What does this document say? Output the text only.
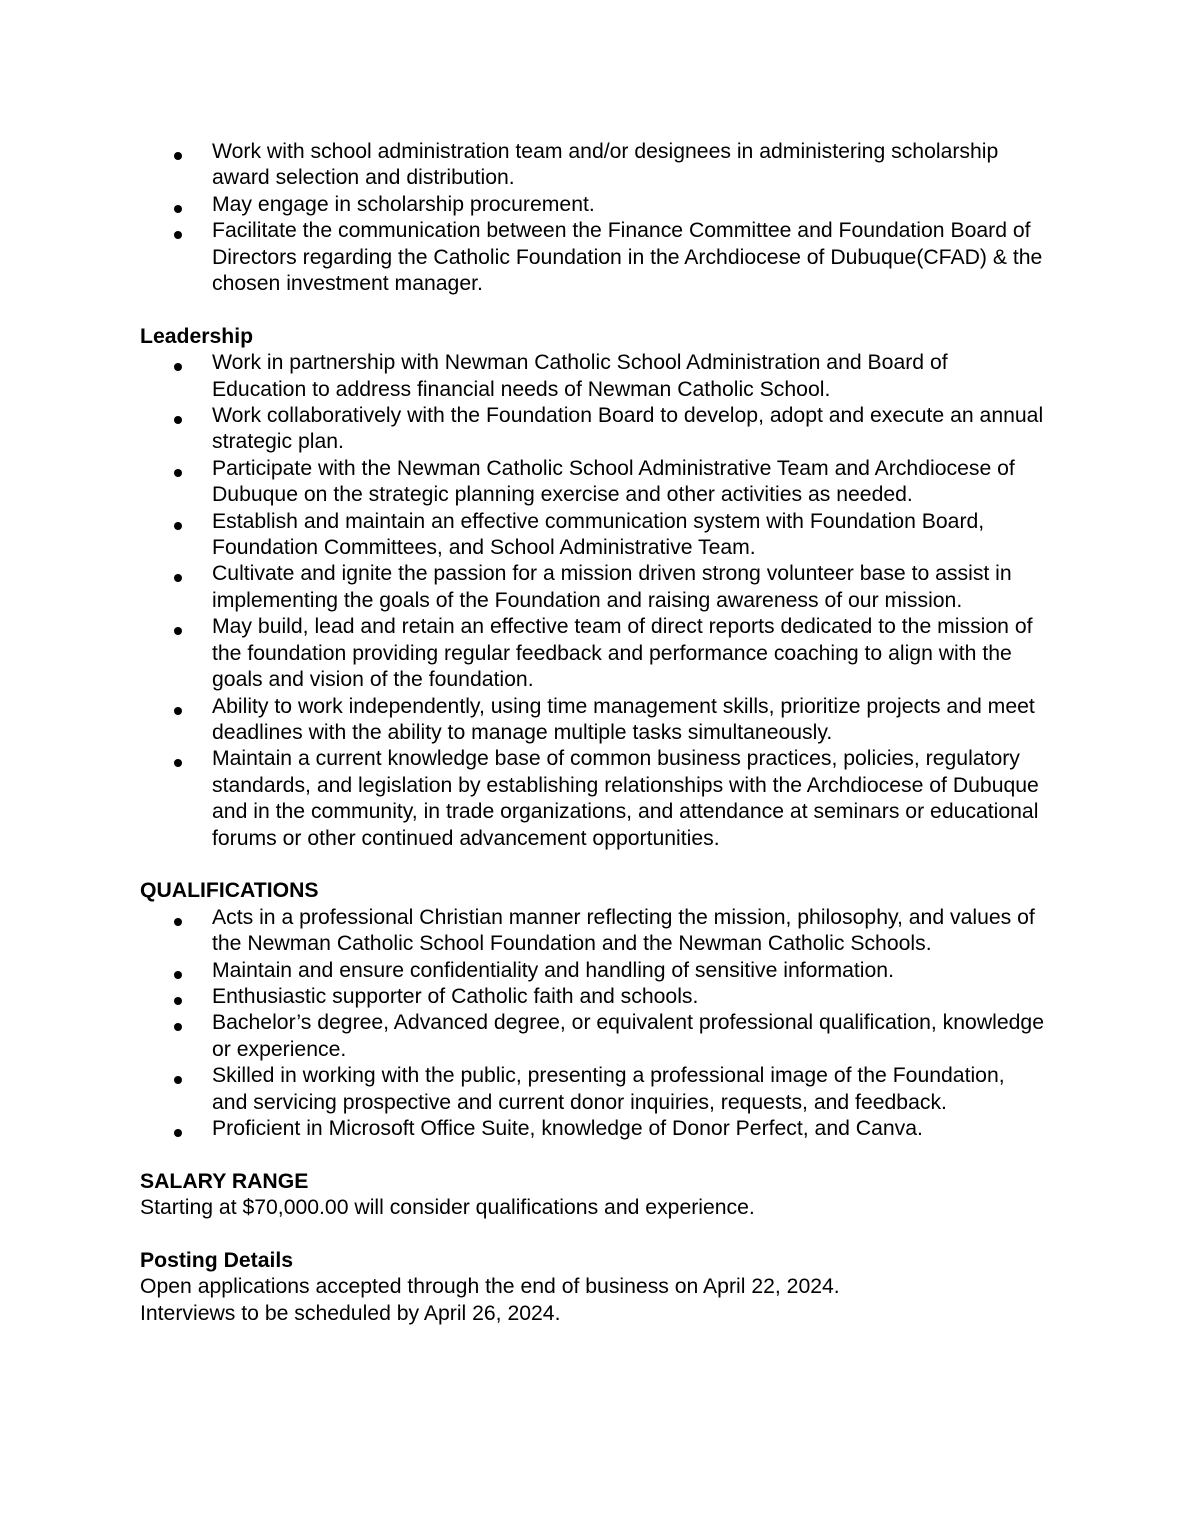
Work with school administration team and/or designees in administering scholarship award selection and distribution.
May engage in scholarship procurement.
Facilitate the communication between the Finance Committee and Foundation Board of Directors regarding the Catholic Foundation in the Archdiocese of Dubuque(CFAD) & the chosen investment manager.
Leadership
Work in partnership with Newman Catholic School Administration and Board of Education to address financial needs of Newman Catholic School.
Work collaboratively with the Foundation Board to develop, adopt and execute an annual strategic plan.
Participate with the Newman Catholic School Administrative Team and Archdiocese of Dubuque on the strategic planning exercise and other activities as needed.
Establish and maintain an effective communication system with Foundation Board, Foundation Committees, and School Administrative Team.
Cultivate and ignite the passion for a mission driven strong volunteer base to assist in implementing the goals of the Foundation and raising awareness of our mission.
May build, lead and retain an effective team of direct reports dedicated to the mission of the foundation providing regular feedback and performance coaching to align with the goals and vision of the foundation.
Ability to work independently, using time management skills, prioritize projects and meet deadlines with the ability to manage multiple tasks simultaneously.
Maintain a current knowledge base of common business practices, policies, regulatory standards, and legislation by establishing relationships with the Archdiocese of Dubuque and in the community, in trade organizations, and attendance at seminars or educational forums or other continued advancement opportunities.
QUALIFICATIONS
Acts in a professional Christian manner reflecting the mission, philosophy, and values of the Newman Catholic School Foundation and the Newman Catholic Schools.
Maintain and ensure confidentiality and handling of sensitive information.
Enthusiastic supporter of Catholic faith and schools.
Bachelor’s degree, Advanced degree, or equivalent professional qualification, knowledge or experience.
Skilled in working with the public, presenting a professional image of the Foundation, and servicing prospective and current donor inquiries, requests, and feedback.
Proficient in Microsoft Office Suite, knowledge of Donor Perfect, and Canva.
SALARY RANGE

Starting at $70,000.00 will consider qualifications and experience.

Posting Details

Open applications accepted through the end of business on April 22, 2024.

Interviews to be scheduled by April 26, 2024.
